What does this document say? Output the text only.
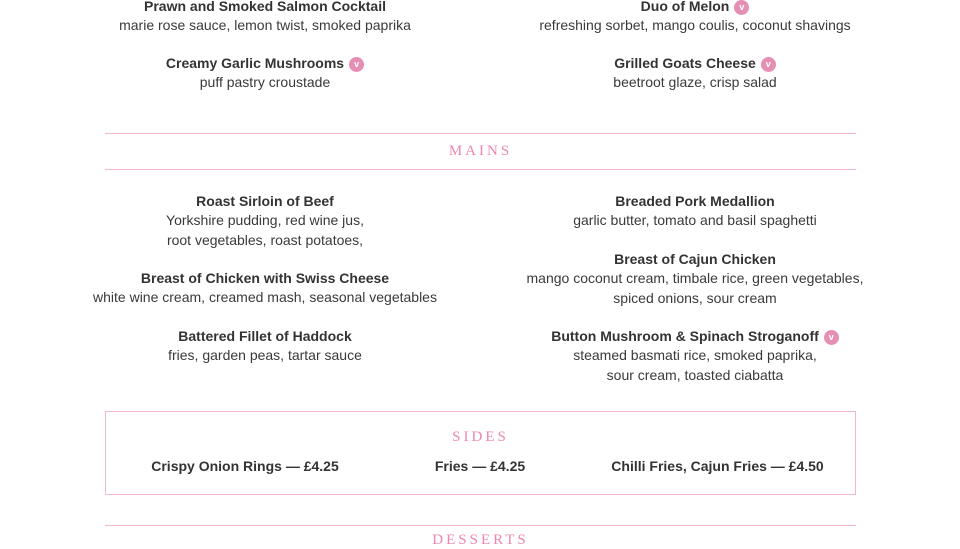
Prawn and Smoked Salmon Cocktail
marie rose sauce, lemon twist, smoked paprika
Duo of Melon v
refreshing sorbet, mango coulis, coconut shavings
Creamy Garlic Mushrooms v
puff pastry croustade
Grilled Goats Cheese v
beetroot glaze, crisp salad
MAINS
Roast Sirloin of Beef
Yorkshire pudding, red wine jus,
root vegetables, roast potatoes,
Breast of Chicken with Swiss Cheese
white wine cream, creamed mash, seasonal vegetables
Battered Fillet of Haddock
fries, garden peas, tartar sauce
Breaded Pork Medallion
garlic butter, tomato and basil spaghetti
Breast of Cajun Chicken
mango coconut cream, timbale rice, green vegetables,
spiced onions, sour cream
Button Mushroom & Spinach Stroganoff v
steamed basmati rice, smoked paprika,
sour cream, toasted ciabatta
SIDES
Crispy Onion Rings — £4.25	Fries — £4.25	Chilli Fries, Cajun Fries — £4.50
DESSERTS
